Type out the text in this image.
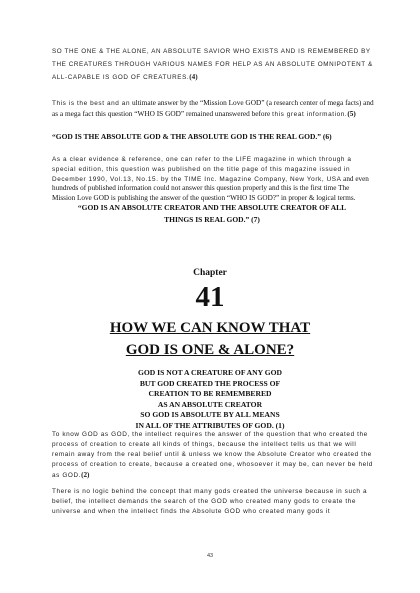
SO THE ONE & THE ALONE, AN ABSOLUTE SAVIOR WHO EXISTS AND IS REMEMBERED BY THE CREATURES THROUGH VARIOUS NAMES FOR HELP AS AN ABSOLUTE OMNIPOTENT & ALL-CAPABLE IS GOD OF CREATURES.(4)

This is the best and an ultimate answer by the “Mission Love GOD” (a research center of mega facts) and as a mega fact this question “WHO IS GOD” remained unanswered before this great information.(5)

“GOD IS THE ABSOLUTE GOD & THE ABSOLUTE GOD IS THE REAL GOD.” (6)

As a clear evidence & reference, one can refer to the LIFE magazine in which through a special edition, this question was published on the title page of this magazine issued in December 1990, Vol.13, No.15. by the TIME Inc. Magazine Company, New York, USA and even hundreds of published information could not answer this question properly and this is the first time The Mission Love GOD is publishing the answer of the question “WHO IS GOD?” in proper & logical terms.

“GOD IS AN ABSOLUTE CREATOR AND THE ABSOLUTE CREATOR OF ALL THINGS IS REAL GOD.” (7)

Chapter
41
HOW WE CAN KNOW THAT
GOD IS ONE & ALONE?
GOD IS NOT A CREATURE OF ANY GOD
BUT GOD CREATED THE PROCESS OF
CREATION TO BE REMEMBERED
AS AN ABSOLUTE CREATOR
SO GOD IS ABSOLUTE BY ALL MEANS
IN ALL OF THE ATTRIBUTES OF GOD. (1)

To know GOD as GOD, the intellect requires the answer of the question that who created the process of creation to create all kinds of things, because the intellect tells us that we will remain away from the real belief until & unless we know the Absolute Creator who created the process of creation to create, because a created one, whosoever it may be, can never be held as GOD.(2)

There is no logic behind the concept that many gods created the universe because in such a belief, the intellect demands the search of the GOD who created many gods to create the universe and when the intellect finds the Absolute GOD who created many gods it

43
